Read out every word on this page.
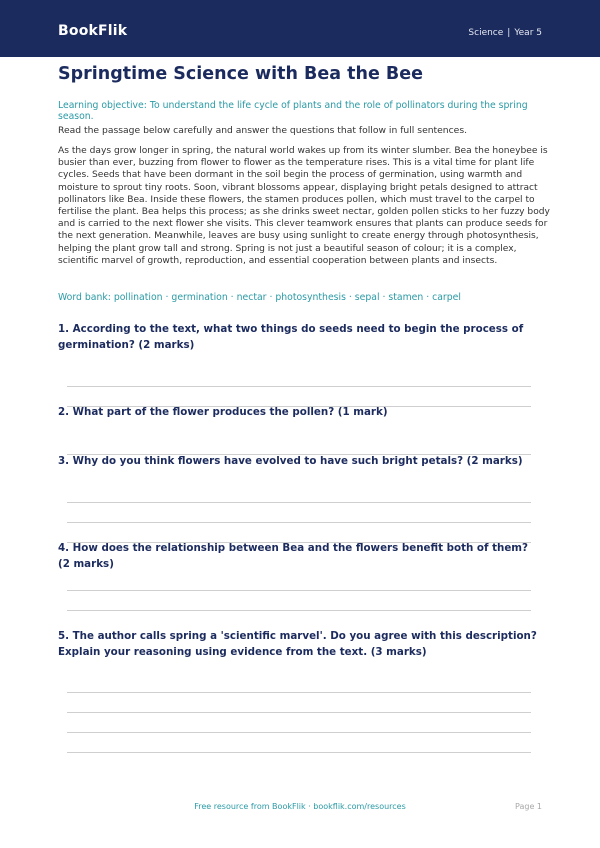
BookFlik	Science | Year 5
Springtime Science with Bea the Bee
Learning objective: To understand the life cycle of plants and the role of pollinators during the spring season.
Read the passage below carefully and answer the questions that follow in full sentences.

As the days grow longer in spring, the natural world wakes up from its winter slumber. Bea the honeybee is busier than ever, buzzing from flower to flower as the temperature rises. This is a vital time for plant life cycles. Seeds that have been dormant in the soil begin the process of germination, using warmth and moisture to sprout tiny roots. Soon, vibrant blossoms appear, displaying bright petals designed to attract pollinators like Bea. Inside these flowers, the stamen produces pollen, which must travel to the carpel to fertilise the plant. Bea helps this process; as she drinks sweet nectar, golden pollen sticks to her fuzzy body and is carried to the next flower she visits. This clever teamwork ensures that plants can produce seeds for the next generation. Meanwhile, leaves are busy using sunlight to create energy through photosynthesis, helping the plant grow tall and strong. Spring is not just a beautiful season of colour; it is a complex, scientific marvel of growth, reproduction, and essential cooperation between plants and insects.

Word bank: pollination · germination · nectar · photosynthesis · sepal · stamen · carpel

1. According to the text, what two things do seeds need to begin the process of germination? (2 marks)

2. What part of the flower produces the pollen? (1 mark)

3. Why do you think flowers have evolved to have such bright petals? (2 marks)

4. How does the relationship between Bea and the flowers benefit both of them? (2 marks)

5. The author calls spring a 'scientific marvel'. Do you agree with this description? Explain your reasoning using evidence from the text. (3 marks)

Free resource from BookFlik · bookflik.com/resources	Page 1
